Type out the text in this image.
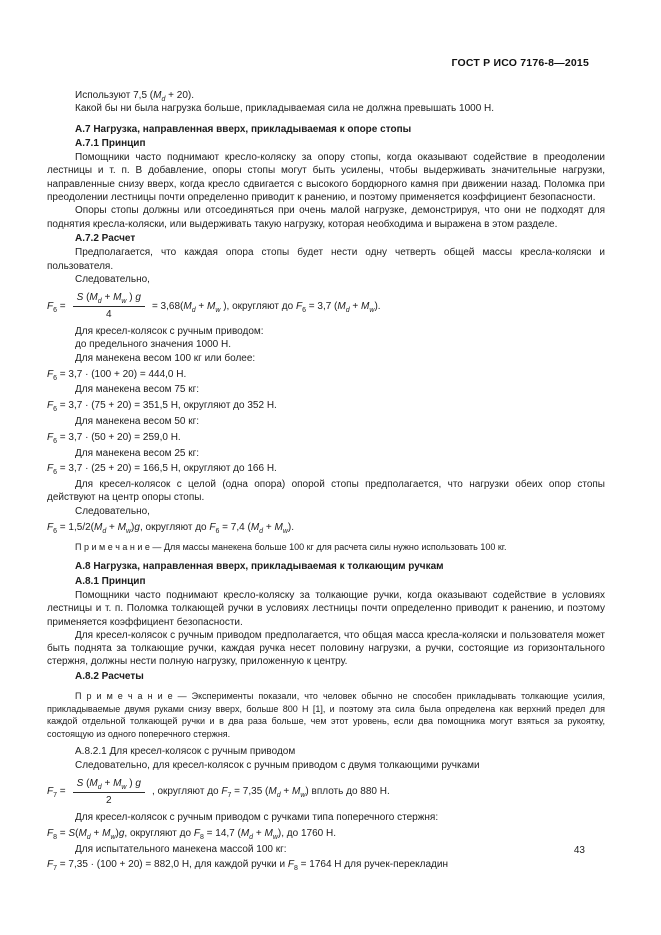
ГОСТ Р ИСО 7176-8—2015
Используют 7,5 $(M_d + 20)$.
Какой бы ни была нагрузка больше, прикладываемая сила не должна превышать 1000 Н.
А.7 Нагрузка, направленная вверх, прикладываемая к опоре стопы
А.7.1 Принцип
Помощники часто поднимают кресло-коляску за опору стопы, когда оказывают содействие в преодолении лестницы и т. п. В добавление, опоры стопы могут быть усилены, чтобы выдерживать значительные нагрузки, направленные снизу вверх, когда кресло сдвигается с высокого бордюрного камня при движении назад. Поломка при преодолении лестницы почти определенно приводит к ранению, и поэтому применяется коэффициент безопасности.
Опоры стопы должны или отсоединяться при очень малой нагрузке, демонстрируя, что они не подходят для поднятия кресла-коляски, или выдерживать такую нагрузку, которая необходима и выражена в этом разделе.
А.7.2 Расчет
Предполагается, что каждая опора стопы будет нести одну четверть общей массы кресла-коляски и пользователя.
Следовательно,
$F_6 = \frac{S (M_d + M_w ) g}{4} = 3,68(M_d + M_w$ ), округляют до $F_6 = 3,7$ $(M_d + M_w)$.
Для кресел-колясок с ручным приводом:
до предельного значения 1000 Н.
Для манекена весом 100 кг или более:
$F_6 = 3,7 \cdot (100 + 20) = 444,0$ Н.
Для манекена весом 75 кг:
$F_6 = 3,7 \cdot (75 + 20) = 351,5$ Н, округляют до 352 Н.
Для манекена весом 50 кг:
$F_6 = 3,7 \cdot (50 + 20) = 259,0$ Н.
Для манекена весом 25 кг:
$F_6 = 3,7 \cdot (25 + 20) = 166,5$ Н, округляют до 166 Н.
Для кресел-колясок с целой (одна опора) опорой стопы предполагается, что нагрузки обеих опор стопы действуют на центр опоры стопы.
Следовательно,
$F_6 = 1,5/2(M_d + M_w)g$, округляют до $F_6 = 7,4$ $(M_d + M_w)$.
П р и м е ч а н и е — Для массы манекена больше 100 кг для расчета силы нужно использовать 100 кг.
А.8 Нагрузка, направленная вверх, прикладываемая к толкающим ручкам
А.8.1 Принцип
Помощники часто поднимают кресло-коляску за толкающие ручки, когда оказывают содействие в условиях лестницы и т. п. Поломка толкающей ручки в условиях лестницы почти определенно приводит к ранению, и поэтому применяется коэффициент безопасности.
Для кресел-колясок с ручным приводом предполагается, что общая масса кресла-коляски и пользователя может быть поднята за толкающие ручки, каждая ручка несет половину нагрузки, а ручки, состоящие из горизонтального стержня, должны нести полную нагрузку, приложенную к центру.
А.8.2 Расчеты
П р и м е ч а н и е — Эксперименты показали, что человек обычно не способен прикладывать толкающие усилия, прикладываемые двумя руками снизу вверх, больше 800 Н [1], и поэтому эта сила была определена как верхний предел для каждой отдельной толкающей ручки и в два раза больше, чем этот уровень, если два помощника могут взяться за рукоятку, состоящую из одного поперечного стержня.
А.8.2.1 Для кресел-колясок с ручным приводом
Следовательно, для кресел-колясок с ручным приводом с двумя толкающими ручками
$F_7 = \frac{S (M_d + M_w ) g}{2}$ , округляют до $F_7 = 7,35$ $(M_d + M_w)$ вплоть до 880 Н.
Для кресел-колясок с ручным приводом с ручками типа поперечного стержня:
$F_8 = S(M_d + M_w)g$, округляют до $F_8 = 14,7$ $(M_d + M_w)$, до 1760 Н.
Для испытательного манекена массой 100 кг:
$F_7 = 7,35 \cdot (100 + 20) = 882,0$ Н, для каждой ручки и $F_8 = 1764$ Н для ручек-перекладин
43
